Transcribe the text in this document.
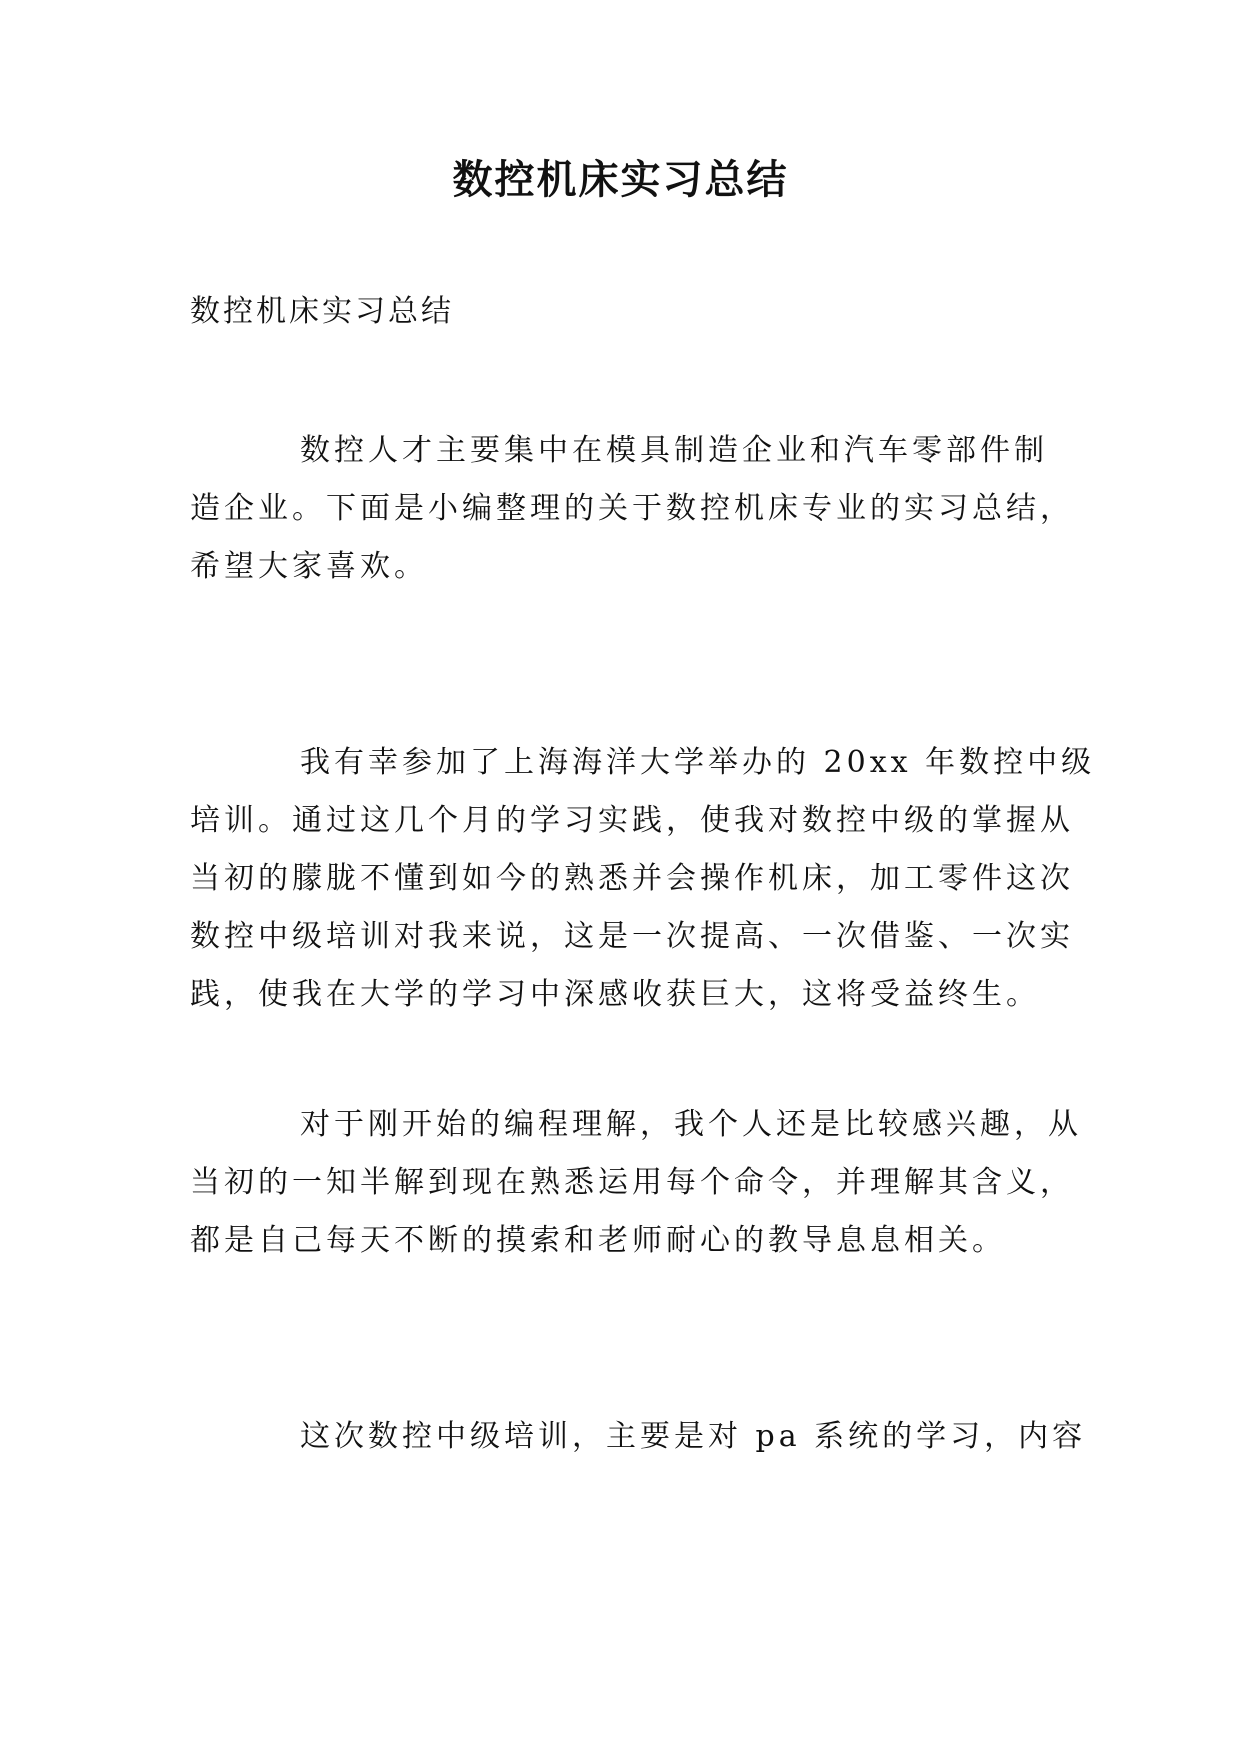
数控机床实习总结

数控机床实习总结

数控人才主要集中在模具制造企业和汽车零部件制
造企业。下面是小编整理的关于数控机床专业的实习总结，
希望大家喜欢。

我有幸参加了上海海洋大学举办的 20xx 年数控中级
培训。通过这几个月的学习实践，使我对数控中级的掌握从
当初的朦胧不懂到如今的熟悉并会操作机床，加工零件这次
数控中级培训对我来说，这是一次提高、一次借鉴、一次实
践，使我在大学的学习中深感收获巨大，这将受益终生。

对于刚开始的编程理解，我个人还是比较感兴趣，从
当初的一知半解到现在熟悉运用每个命令，并理解其含义，
都是自己每天不断的摸索和老师耐心的教导息息相关。

这次数控中级培训，主要是对 pa 系统的学习，内容
